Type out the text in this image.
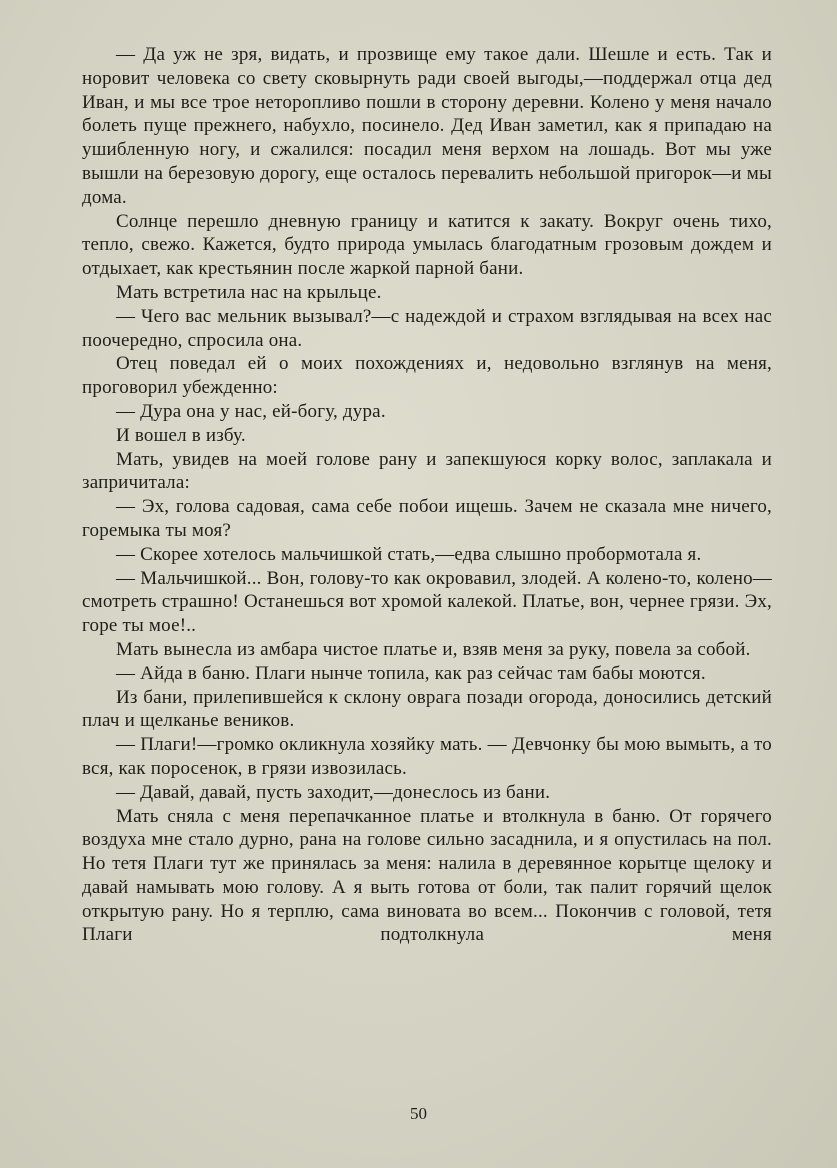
— Да уж не зря, видать, и прозвище ему такое дали. Шешле и есть. Так и норовит человека со свету сковырнуть ради своей выгоды,—поддержал отца дед Иван, и мы все трое неторопливо пошли в сторону деревни. Колено у меня начало болеть пуще прежнего, набухло, посинело. Дед Иван заметил, как я припадаю на ушибленную ногу, и сжалился: посадил меня верхом на лошадь. Вот мы уже вышли на березовую дорогу, еще осталось перевалить небольшой пригорок—и мы дома.

Солнце перешло дневную границу и катится к закату. Вокруг очень тихо, тепло, свежо. Кажется, будто природа умылась благодатным грозовым дождем и отдыхает, как крестьянин после жаркой парной бани.

Мать встретила нас на крыльце.

— Чего вас мельник вызывал?—с надеждой и страхом взглядывая на всех нас поочередно, спросила она.

Отец поведал ей о моих похождениях и, недовольно взглянув на меня, проговорил убежденно:

— Дура она у нас, ей-богу, дура.

И вошел в избу.

Мать, увидев на моей голове рану и запекшуюся корку волос, заплакала и запричитала:

— Эх, голова садовая, сама себе побои ищешь. Зачем не сказала мне ничего, горемыка ты моя?

— Скорее хотелось мальчишкой стать,—едва слышно пробормотала я.

— Мальчишкой... Вон, голову-то как окровавил, злодей. А колено-то, колено—смотреть страшно! Останешься вот хромой калекой. Платье, вон, чернее грязи. Эх, горе ты мое!..

Мать вынесла из амбара чистое платье и, взяв меня за руку, повела за собой.

— Айда в баню. Плаги нынче топила, как раз сейчас там бабы моются.

Из бани, прилепившейся к склону оврага позади огорода, доносились детский плач и щелканье веников.

— Плаги!—громко окликнула хозяйку мать. — Девчонку бы мою вымыть, а то вся, как поросенок, в грязи извозилась.

— Давай, давай, пусть заходит,—донеслось из бани.

Мать сняла с меня перепачканное платье и втолкнула в баню. От горячего воздуха мне стало дурно, рана на голове сильно засаднила, и я опустилась на пол. Но тетя Плаги тут же принялась за меня: налила в деревянное корытце щелоку и давай намывать мою голову. А я выть готова от боли, так палит горячий щелок открытую рану. Но я терплю, сама виновата во всем... Покончив с головой, тетя Плаги подтолкнула меня

50
